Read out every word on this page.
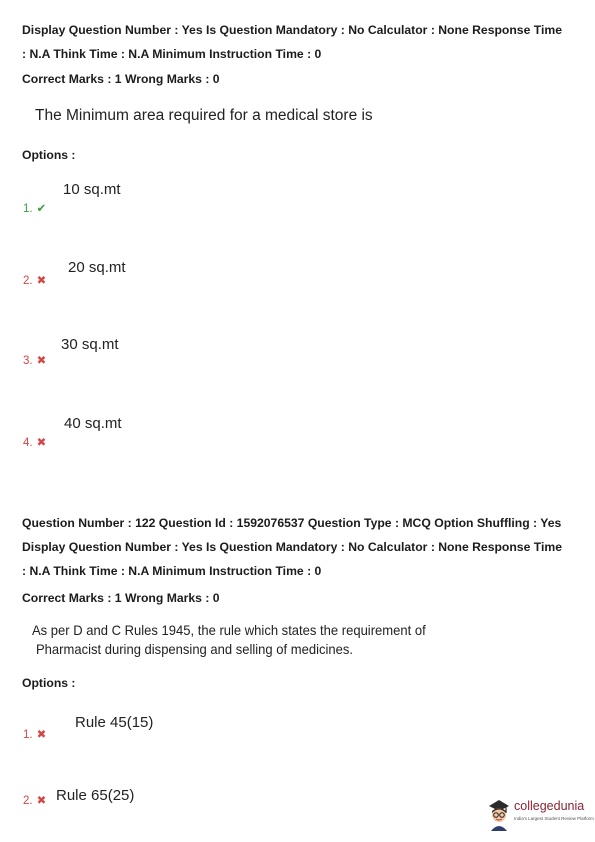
Display Question Number : Yes Is Question Mandatory : No Calculator : None Response Time
: N.A Think Time : N.A Minimum Instruction Time : 0
Correct Marks : 1 Wrong Marks : 0
The Minimum area required for a medical store is
Options :
10 sq.mt
1. ✔
20 sq.mt
2. ✖
30 sq.mt
3. ✖
40 sq.mt
4. ✖
Question Number : 122 Question Id : 1592076537 Question Type : MCQ Option Shuffling : Yes
Display Question Number : Yes Is Question Mandatory : No Calculator : None Response Time
: N.A Think Time : N.A Minimum Instruction Time : 0
Correct Marks : 1 Wrong Marks : 0
As per D and C Rules 1945, the rule which states the requirement of
Pharmacist during dispensing and selling of medicines.
Options :
Rule 45(15)
1. ✖
2. ✖ Rule 65(25)
collegedunia
India's Largest Student Review Platform
